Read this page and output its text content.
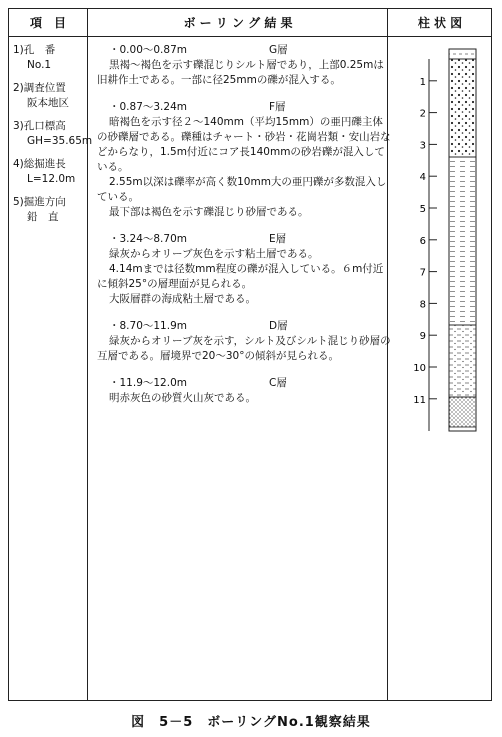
項　目	ボ ー リ ン グ 結 果	柱 状 図
1)孔　番
No.1
2)調査位置
阪本地区
3)孔口標高
GH=35.65m
4)総掘進長
L=12.0m
5)掘進方向
鉛　直
・0.00～0.87m	G層
黒褐～褐色を示す礫混じりシルト層であり，上部0.25mは旧耕作土である。一部に径25mmの礫が混入する。
・0.87～3.24m	F層
暗褐色を示す径２～140mm（平均15mm）の亜円礫主体の砂礫層である。礫種はチャート・砂岩・花崗岩類・安山岩などからなり，1.5m付近にコア長140mmの砂岩礫が混入している。
2.55m以深は礫率が高く数10mm大の亜円礫が多数混入している。
最下部は褐色を示す礫混じり砂層である。
・3.24～8.70m	E層
緑灰からオリーブ灰色を示す粘土層である。
4.14mまでは径数mm程度の礫が混入している。６m付近に傾斜25°の層理面が見られる。
大阪層群の海成粘土層である。
・8.70～11.9m	D層
緑灰からオリーブ灰を示す，シルト及びシルト混じり砂層の互層である。層境界で20～30°の傾斜が見られる。
・11.9～12.0m	C層
明赤灰色の砂質火山灰である。
1
2
3
4
5
6
7
8
9
10
11
図　5－5　ボーリングNo.1観察結果
